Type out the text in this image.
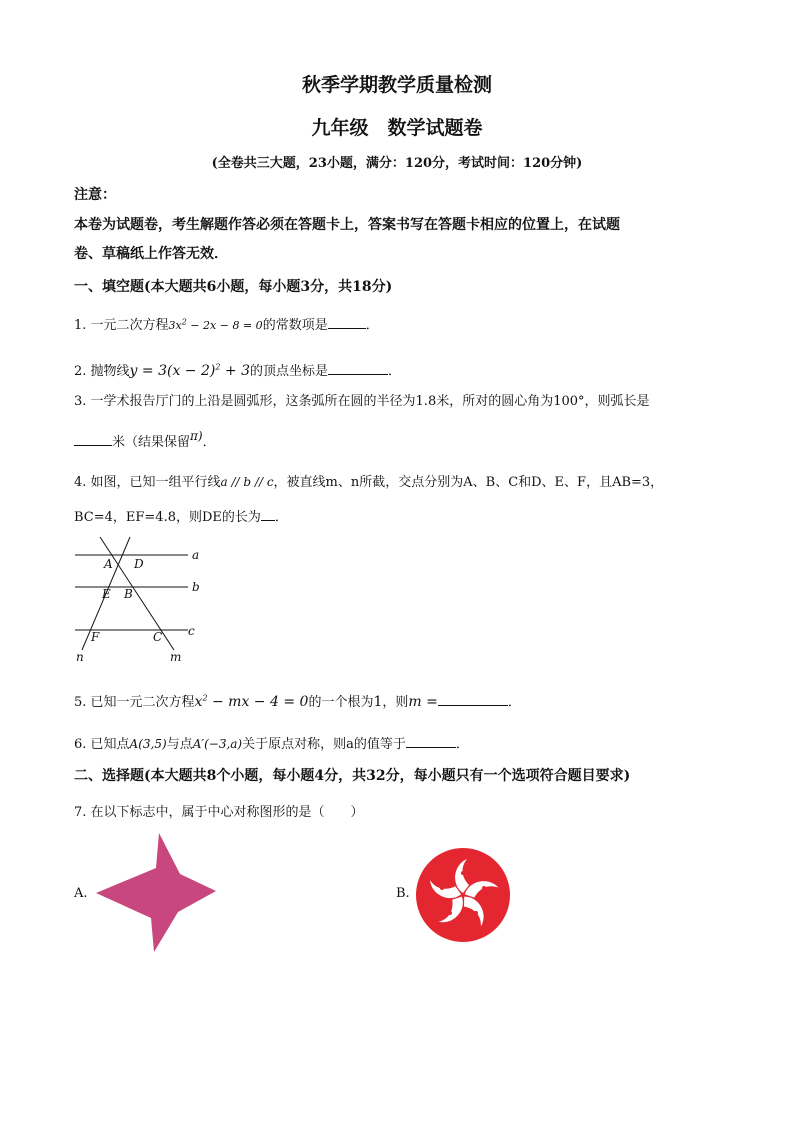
秋季学期教学质量检测
九年级　数学试题卷
(全卷共三大题，23小题，满分：120分，考试时间：120分钟)
注意：
本卷为试题卷，考生解题作答必须在答题卡上，答案书写在答题卡相应的位置上，在试题
卷、草稿纸上作答无效．
一、填空题(本大题共6小题，每小题3分，共18分)
1. 一元二次方程$3x^2 - 2x - 8 = 0$的常数项是	．
2. 抛物线$y = 3(x - 2)^2 + 3$的顶点坐标是	．
3. 一学术报告厅门的上沿是圆弧形，这条弧所在圆的半径为1.8米，所对的圆心角为100°，则弧长是
米（结果保留$^{\pi)}$．
4. 如图，已知一组平行线a // b // c，被直线m、n所截，交点分别为A、B、C和D、E、F，且AB=3，
BC=4，EF=4.8，则DE的长为 ．
a
b
c
n	m
A D
E B
F	C
5. 已知一元二次方程$x^2$ − mx − 4 = 0的一个根为1，则m =	．
6. 已知点A(3,5)与点A′(−3,a)关于原点对称，则a的值等于	．
二、选择题(本大题共8个小题，每小题4分，共32分，每小题只有一个选项符合题目要求)
7. 在以下标志中，属于中心对称图形的是（　　）
A.	B.
